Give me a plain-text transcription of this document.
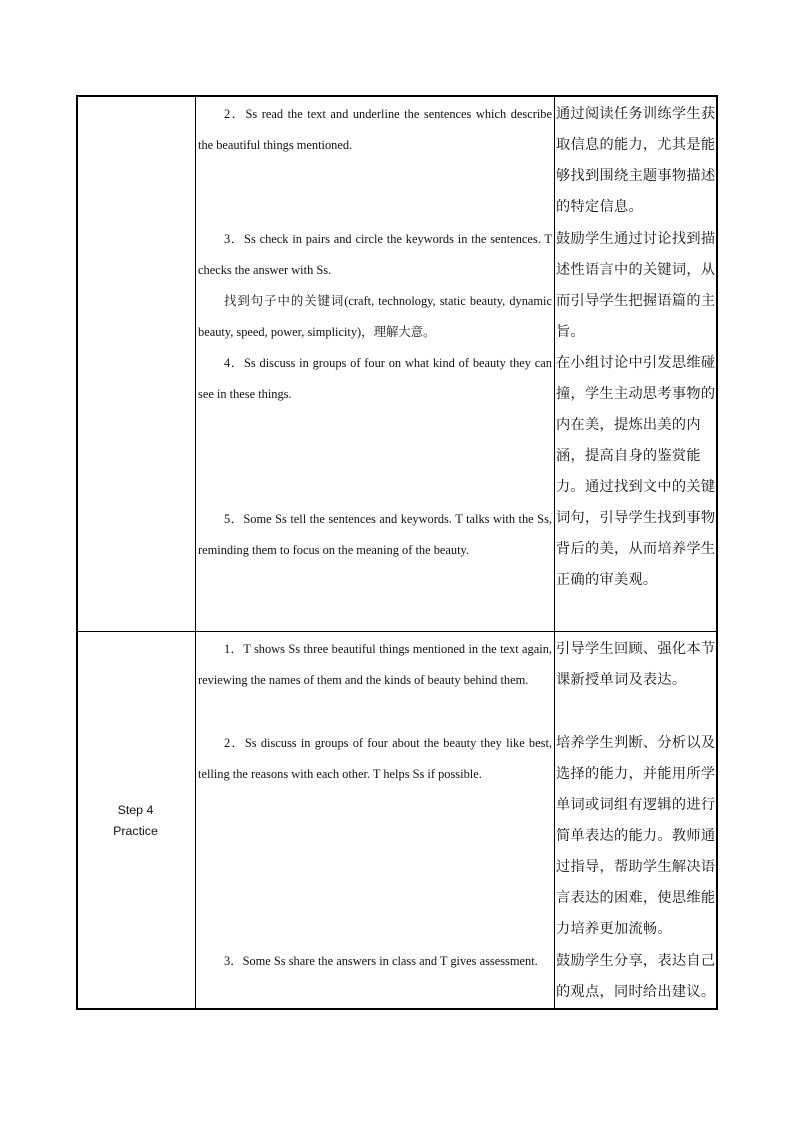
2．Ss read the text and underline the sentences which describe the beautiful things mentioned.
3．Ss check in pairs and circle the keywords in the sentences. T checks the answer with Ss.
找到句子中的关键词(craft, technology, static beauty, dynamic beauty, speed, power, simplicity)，理解大意。
4．Ss discuss in groups of four on what kind of beauty they can see in these things.
5．Some Ss tell the sentences and keywords. T talks with the Ss, reminding them to focus on the meaning of the beauty.
通过阅读任务训练学生获取信息的能力，尤其是能够找到围绕主题事物描述的特定信息。
鼓励学生通过讨论找到描述性语言中的关键词，从而引导学生把握语篇的主旨。
在小组讨论中引发思维碰撞，学生主动思考事物的内在美，提炼出美的内涵，提高自身的鉴赏能力。通过找到文中的关键词句，引导学生找到事物背后的美，从而培养学生正确的审美观。
Step 4
Practice
1．T shows Ss three beautiful things mentioned in the text again, reviewing the names of them and the kinds of beauty behind them.
2．Ss discuss in groups of four about the beauty they like best, telling the reasons with each other. T helps Ss if possible.
3．Some Ss share the answers in class and T gives assessment.
引导学生回顾、强化本节课新授单词及表达。
培养学生判断、分析以及选择的能力，并能用所学单词或词组有逻辑的进行简单表达的能力。教师通过指导，帮助学生解决语言表达的困难，使思维能力培养更加流畅。
鼓励学生分享，表达自己的观点，同时给出建议。
